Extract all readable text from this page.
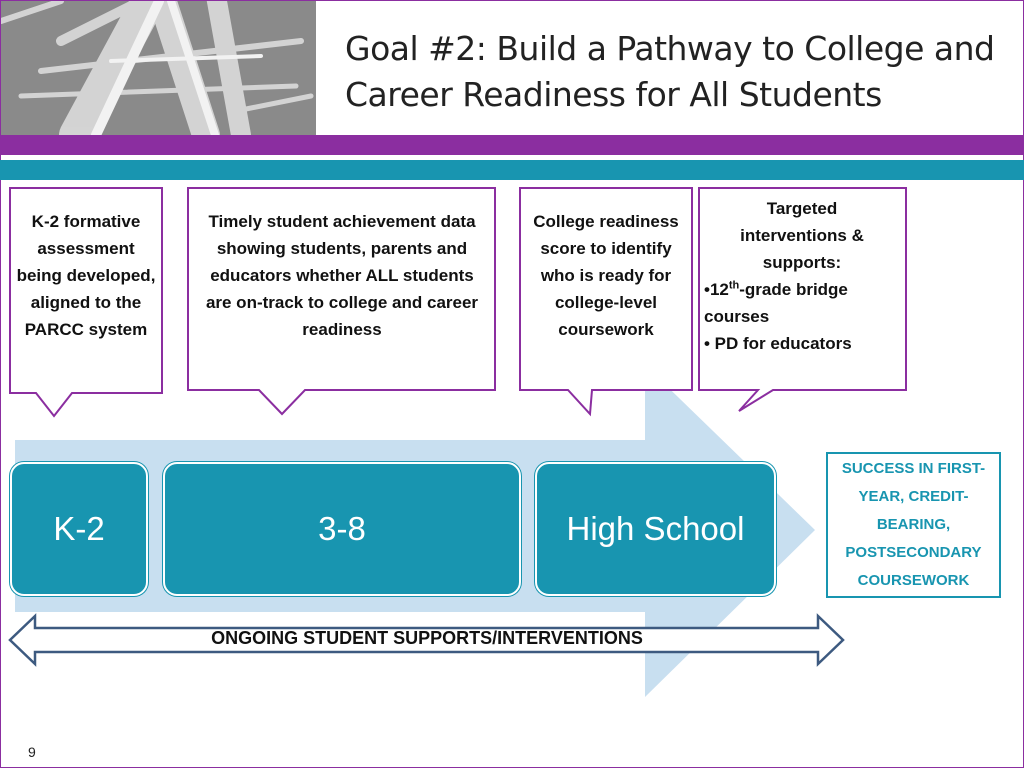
Goal #2: Build a Pathway to College and Career Readiness for All Students
K-2 formative assessment being developed, aligned to the PARCC system
Timely student achievement data showing students, parents and educators whether ALL students are on-track to college and career readiness
College readiness score to identify who is ready for college-level coursework
Targeted interventions & supports:
•12th-grade bridge courses
• PD for educators
K-2	3-8	High School
SUCCESS IN FIRST-YEAR, CREDIT-BEARING, POSTSECONDARY COURSEWORK
ONGOING STUDENT SUPPORTS/INTERVENTIONS
9
